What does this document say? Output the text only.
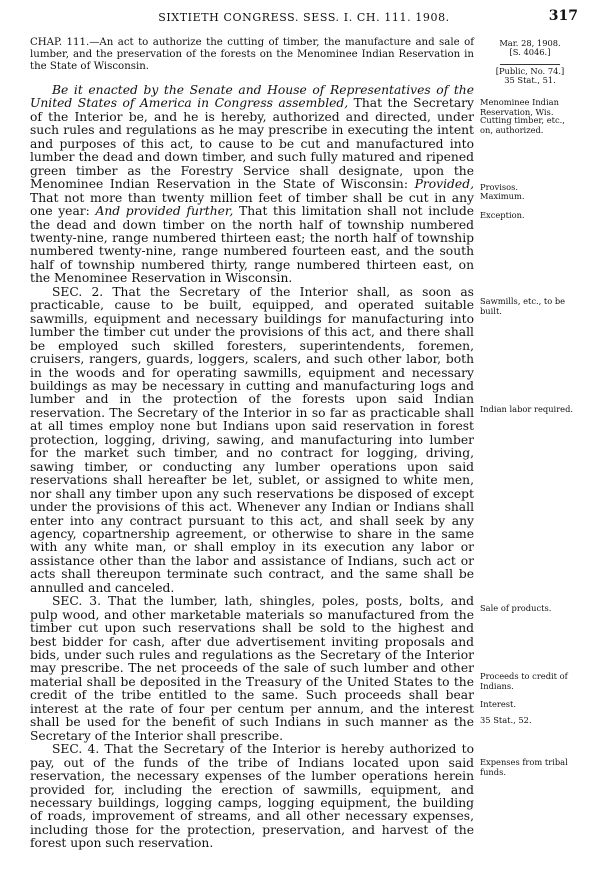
SIXTIETH CONGRESS. SESS. I. CH. 111. 1908.	317

CHAP. 111.—An act to authorize the cutting of timber, the manufacture and sale of lumber, and the preservation of the forests on the Menominee Indian Reservation in the State of Wisconsin.

Be it enacted by the Senate and House of Representatives of the United States of America in Congress assembled, That the Secretary of the Interior be, and he is hereby, authorized and directed, under such rules and regulations as he may prescribe in executing the intent and purposes of this act, to cause to be cut and manufactured into lumber the dead and down timber, and such fully matured and ripened green timber as the Forestry Service shall designate, upon the Menominee Indian Reservation in the State of Wisconsin: Provided, That not more than twenty million feet of timber shall be cut in any one year: And provided further, That this limitation shall not include the dead and down timber on the north half of township numbered twenty-nine, range numbered thirteen east; the north half of township numbered twenty-nine, range numbered fourteen east, and the south half of township numbered thirty, range numbered thirteen east, on the Menominee Reservation in Wisconsin.

SEC. 2. That the Secretary of the Interior shall, as soon as practicable, cause to be built, equipped, and operated suitable sawmills, equipment and necessary buildings for manufacturing into lumber the timber cut under the provisions of this act, and there shall be employed such skilled foresters, superintendents, foremen, cruisers, rangers, guards, loggers, scalers, and such other labor, both in the woods and for operating sawmills, equipment and necessary buildings as may be necessary in cutting and manufacturing logs and lumber and in the protection of the forests upon said Indian reservation. The Secretary of the Interior in so far as practicable shall at all times employ none but Indians upon said reservation in forest protection, logging, driving, sawing, and manufacturing into lumber for the market such timber, and no contract for logging, driving, sawing timber, or conducting any lumber operations upon said reservations shall hereafter be let, sublet, or assigned to white men, nor shall any timber upon any such reservations be disposed of except under the provisions of this act. Whenever any Indian or Indians shall enter into any contract pursuant to this act, and shall seek by any agency, copartnership agreement, or otherwise to share in the same with any white man, or shall employ in its execution any labor or assistance other than the labor and assistance of Indians, such act or acts shall thereupon terminate such contract, and the same shall be annulled and canceled.

SEC. 3. That the lumber, lath, shingles, poles, posts, bolts, and pulp wood, and other marketable materials so manufactured from the timber cut upon such reservations shall be sold to the highest and best bidder for cash, after due advertisement inviting proposals and bids, under such rules and regulations as the Secretary of the Interior may prescribe. The net proceeds of the sale of such lumber and other material shall be deposited in the Treasury of the United States to the credit of the tribe entitled to the same. Such proceeds shall bear interest at the rate of four per centum per annum, and the interest shall be used for the benefit of such Indians in such manner as the Secretary of the Interior shall prescribe.

SEC. 4. That the Secretary of the Interior is hereby authorized to pay, out of the funds of the tribe of Indians located upon said reservation, the necessary expenses of the lumber operations herein provided for, including the erection of sawmills, equipment, and necessary buildings, logging camps, logging equipment, the building of roads, improvement of streams, and all other necessary expenses, including those for the protection, preservation, and harvest of the forest upon such reservation.

Mar. 28, 1908.
[S. 4046.]
[Public, No. 74.]
35 Stat., 51.
Menominee Indian Reservation, Wis.
Cutting timber, etc., on, authorized.
Provisos.
Maximum.
Exception.
Sawmills, etc., to be built.
Indian labor required.
Sale of products.
Proceeds to credit of Indians.
Interest.
35 Stat., 52.
Expenses from tribal funds.
